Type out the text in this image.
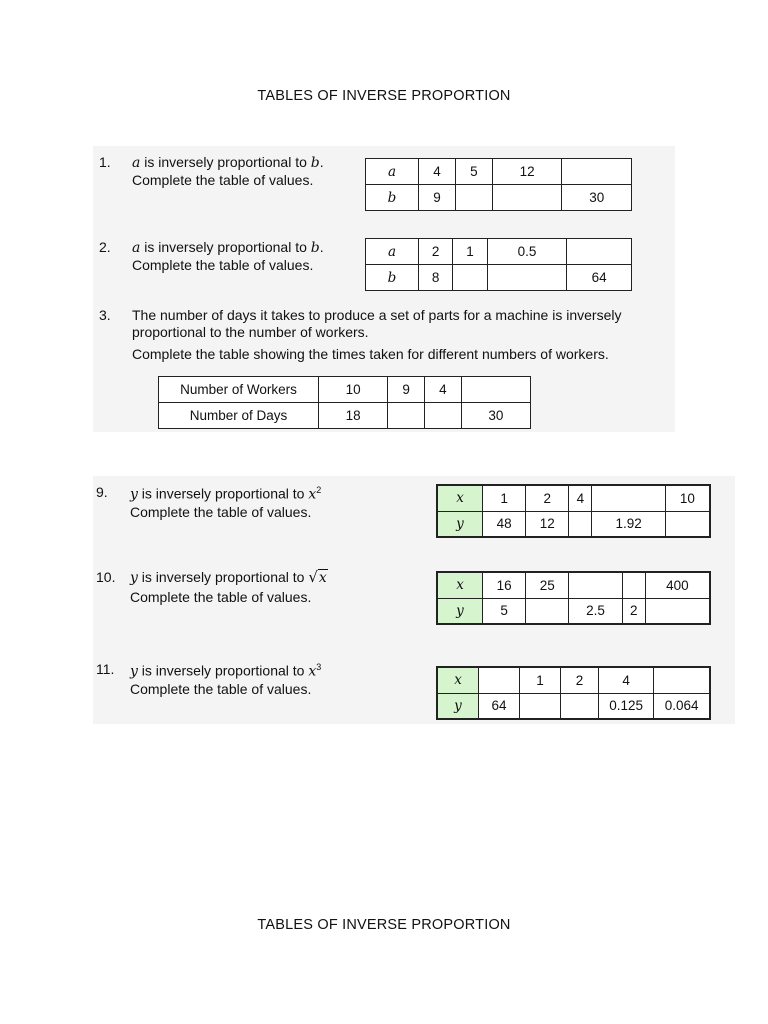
TABLES OF INVERSE PROPORTION
1. a is inversely proportional to b.
Complete the table of values.
a	4	5	12	
b	9			30
2. a is inversely proportional to b.
Complete the table of values.
a	2	1	0.5	
b	8			64
3. The number of days it takes to produce a set of parts for a machine is inversely
proportional to the number of workers.
Complete the table showing the times taken for different numbers of workers.
Number of Workers	10	9	4	
Number of Days	18			30
9. y is inversely proportional to $x^2$
Complete the table of values.
x	1	2	4		10
y	48	12		1.92	
10. y is inversely proportional to √x
Complete the table of values.
x	16	25			400
y	5		2.5	2	
11. y is inversely proportional to $x^3$
Complete the table of values.
x		1	2	4	
y	64			0.125	0.064
TABLES OF INVERSE PROPORTION
